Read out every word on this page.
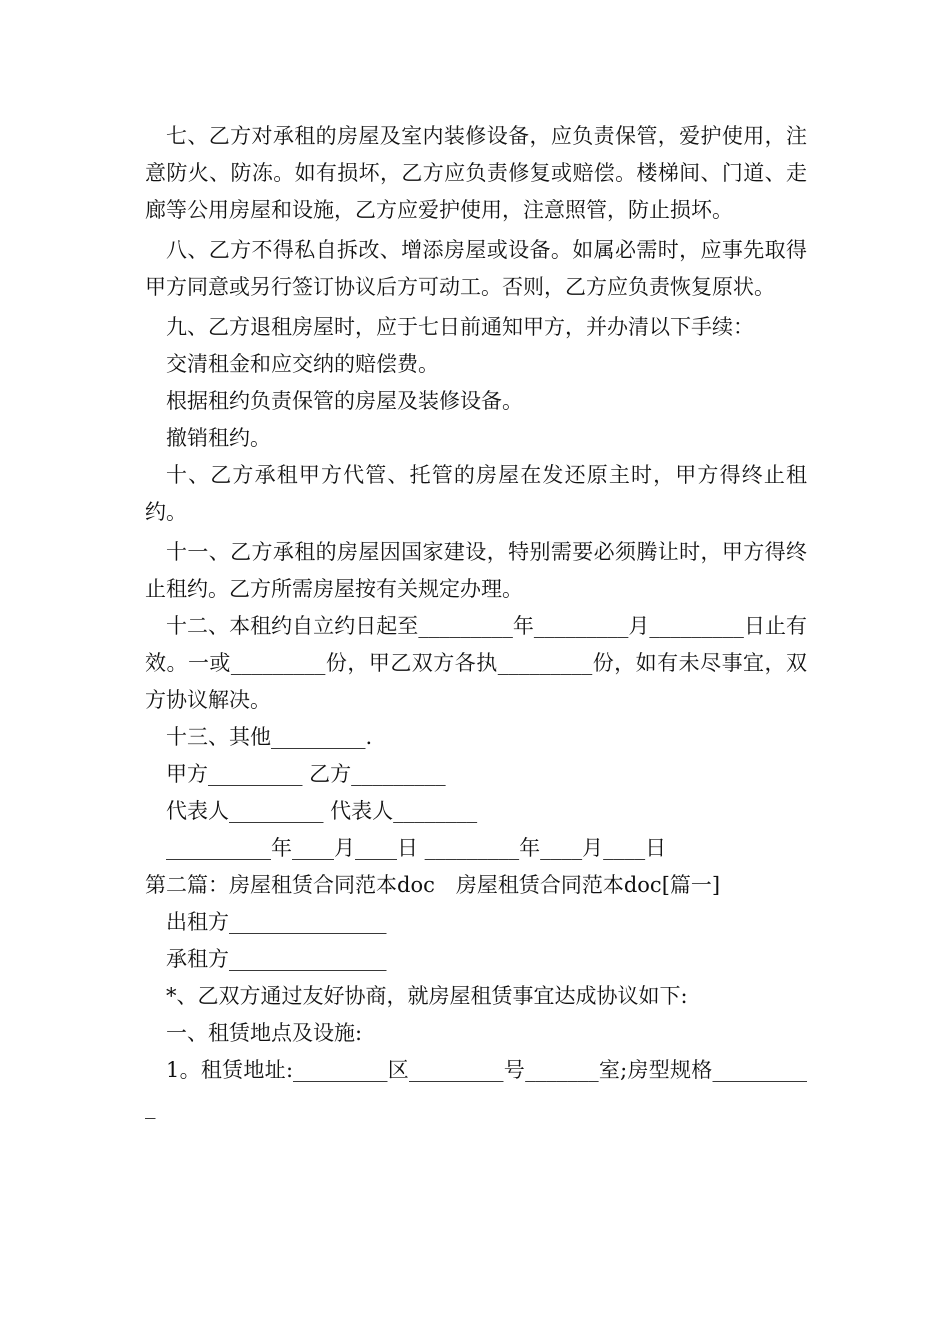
七、乙方对承租的房屋及室内装修设备，应负责保管，爱护使用，注意防火、防冻。如有损坏，乙方应负责修复或赔偿。楼梯间、门道、走廊等公用房屋和设施，乙方应爱护使用，注意照管，防止损坏。

八、乙方不得私自拆改、增添房屋或设备。如属必需时，应事先取得甲方同意或另行签订协议后方可动工。否则，乙方应负责恢复原状。

九、乙方退租房屋时，应于七日前通知甲方，并办清以下手续：

交清租金和应交纳的赔偿费。

根据租约负责保管的房屋及装修设备。

撤销租约。

十、乙方承租甲方代管、托管的房屋在发还原主时，甲方得终止租约。

十一、乙方承租的房屋因国家建设，特别需要必须腾让时，甲方得终止租约。乙方所需房屋按有关规定办理。

十二、本租约自立约日起至_________年_________月_________日止有效。一或_________份，甲乙双方各执_________份，如有未尽事宜，双方协议解决。

十三、其他_________.

甲方_________ 乙方_________

代表人_________ 代表人________

__________年____月____日 _________年____月____日

第二篇：房屋租赁合同范本doc　房屋租赁合同范本doc[篇一]

出租方_______________

承租方_______________

*、乙双方通过友好协商，就房屋租赁事宜达成协议如下:

一、租赁地点及设施:

1。租赁地址:_________区_________号_______室;房型规格__________
